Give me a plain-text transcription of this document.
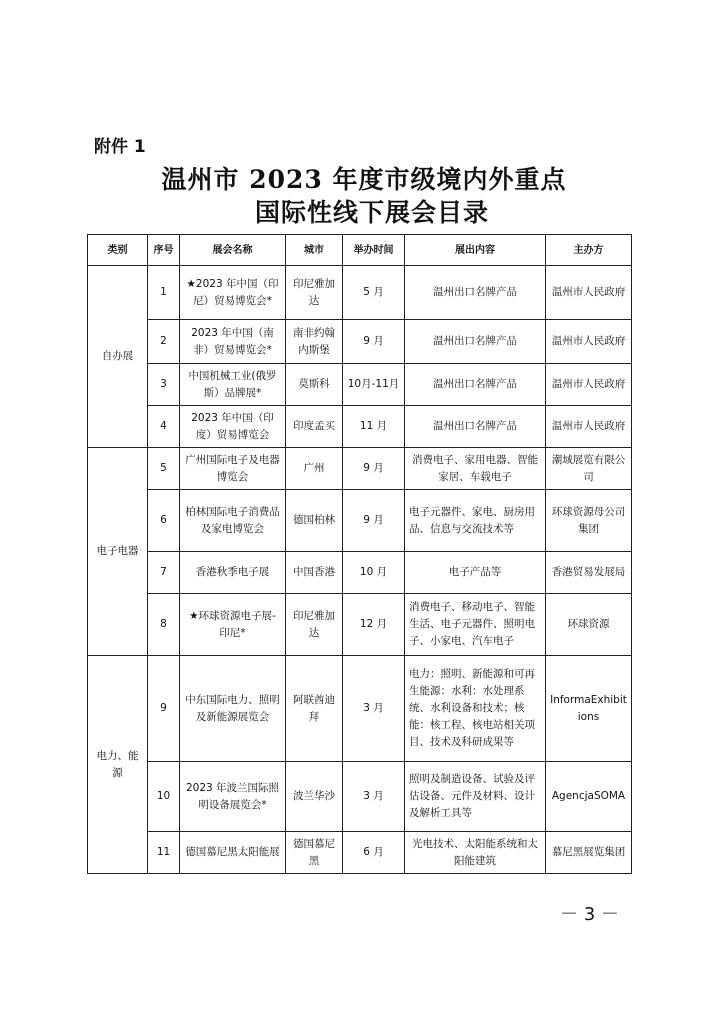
附件 1
温州市 2023 年度市级境内外重点
国际性线下展会目录
类别	序号	展会名称	城市	举办时间	展出内容	主办方
自办展	1	★2023 年中国（印尼）贸易博览会*	印尼雅加达	5 月	温州出口名牌产品	温州市人民政府
	2	2023 年中国（南非）贸易博览会*	南非约翰内斯堡	9 月	温州出口名牌产品	温州市人民政府
	3	中国机械工业(俄罗斯）品牌展*	莫斯科	10月-11月	温州出口名牌产品	温州市人民政府
	4	2023 年中国（印度）贸易博览会	印度孟买	11 月	温州出口名牌产品	温州市人民政府
电子电器	5	广州国际电子及电器博览会	广州	9 月	消费电子、家用电器、智能家居、车载电子	潮域展览有限公司
	6	柏林国际电子消费品及家电博览会	德国柏林	9 月	电子元器件、家电、厨房用品、信息与交流技术等	环球资源母公司集团
	7	香港秋季电子展	中国香港	10 月	电子产品等	香港贸易发展局
	8	★环球资源电子展-印尼*	印尼雅加达	12 月	消费电子、移动电子、智能生活、电子元器件、照明电子、小家电、汽车电子	环球资源
电力、能源	9	中东国际电力、照明及新能源展览会	阿联酋迪拜	3 月	电力：照明、新能源和可再生能源：水利：水处理系统、水利设备和技术；核能：核工程、核电站相关项目、技术及科研成果等	InformaExhibitions
	10	2023 年波兰国际照明设备展览会*	波兰华沙	3 月	照明及制造设备、试验及评估设备、元件及材料、设计及解析工具等	AgencjaSOMA
	11	德国慕尼黑太阳能展	德国慕尼黑	6 月	光电技术、太阳能系统和太阳能建筑	慕尼黑展览集团
－ 3 －
